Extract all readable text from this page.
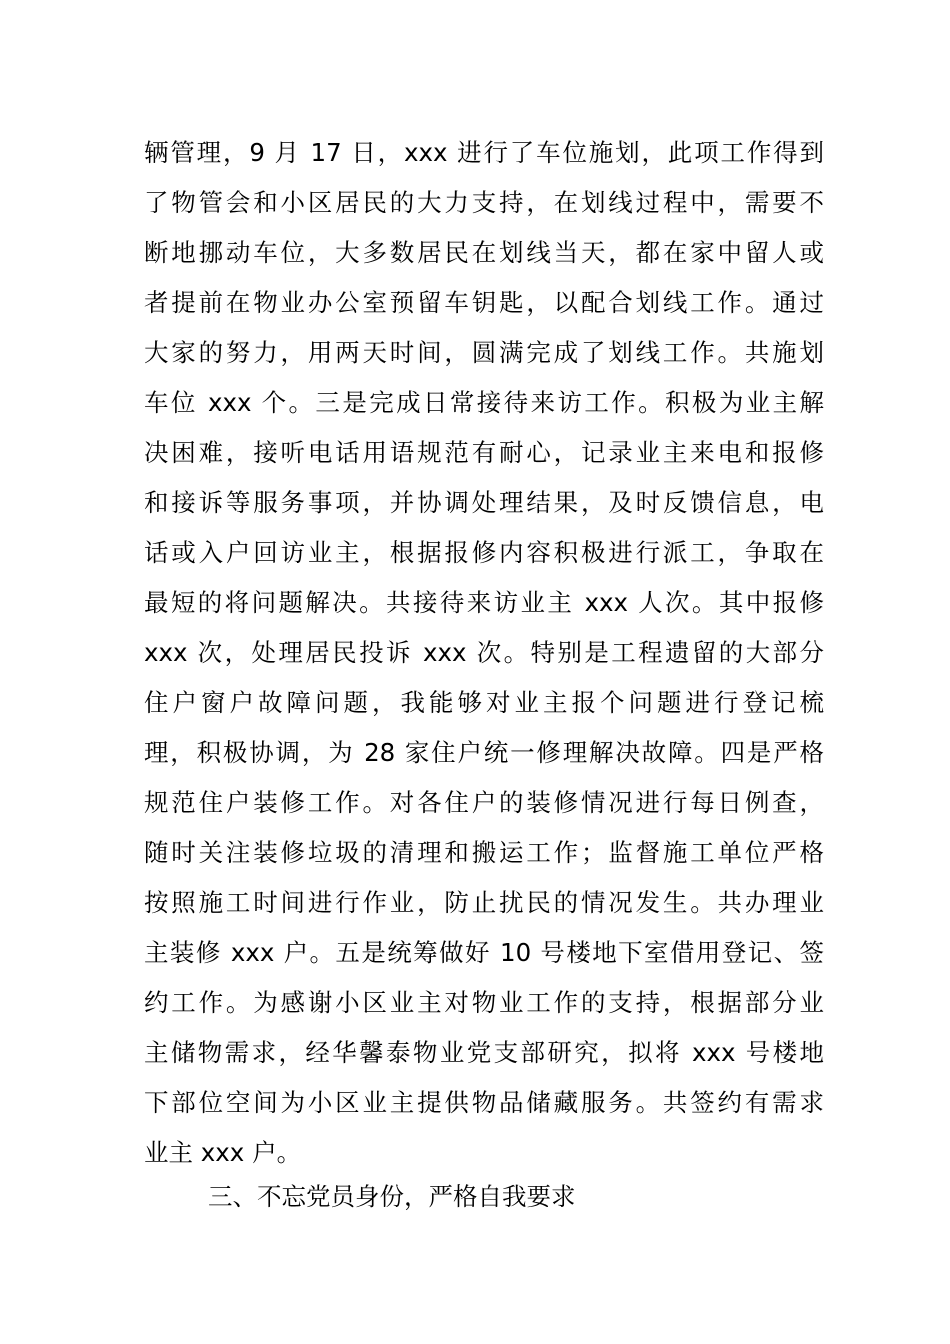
辆管理，9 月 17 日，xxx 进行了车位施划，此项工作得到
了物管会和小区居民的大力支持，在划线过程中，需要不
断地挪动车位，大多数居民在划线当天，都在家中留人或
者提前在物业办公室预留车钥匙，以配合划线工作。通过
大家的努力，用两天时间，圆满完成了划线工作。共施划
车位 xxx 个。三是完成日常接待来访工作。积极为业主解
决困难，接听电话用语规范有耐心，记录业主来电和报修
和接诉等服务事项，并协调处理结果，及时反馈信息，电
话或入户回访业主，根据报修内容积极进行派工，争取在
最短的将问题解决。共接待来访业主 xxx 人次。其中报修
xxx 次，处理居民投诉 xxx 次。特别是工程遗留的大部分
住户窗户故障问题，我能够对业主报个问题进行登记梳
理，积极协调，为 28 家住户统一修理解决故障。四是严格
规范住户装修工作。对各住户的装修情况进行每日例查，
随时关注装修垃圾的清理和搬运工作；监督施工单位严格
按照施工时间进行作业，防止扰民的情况发生。共办理业
主装修 xxx 户。五是统筹做好 10 号楼地下室借用登记、签
约工作。为感谢小区业主对物业工作的支持，根据部分业
主储物需求，经华馨泰物业党支部研究，拟将 xxx 号楼地
下部位空间为小区业主提供物品储藏服务。共签约有需求
业主 xxx 户。
三、不忘党员身份，严格自我要求
